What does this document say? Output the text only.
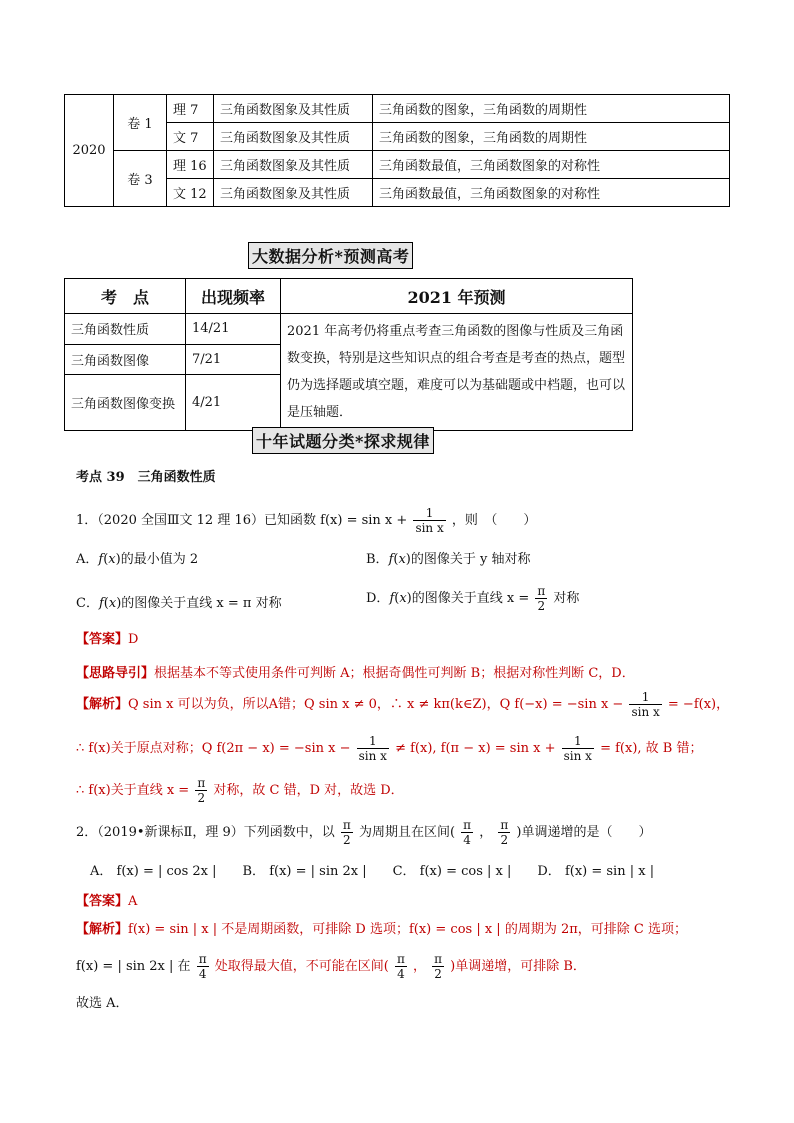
2020	卷 1	理 7	三角函数图象及其性质	三角函数的图象，三角函数的周期性
		文 7	三角函数图象及其性质	三角函数的图象，三角函数的周期性
	卷 3	理 16	三角函数图象及其性质	三角函数最值，三角函数图象的对称性
		文 12	三角函数图象及其性质	三角函数最值，三角函数图象的对称性
大数据分析*预测高考
考　点	出现频率	2021 年预测
三角函数性质	14/21	2021 年高考仍将重点考查三角函数的图像与性质及三角函数变换，特别是这些知识点的组合考查是考查的热点，题型仍为选择题或填空题，难度可以为基础题或中档题，也可以是压轴题．
三角函数图像	7/21	
三角函数图像变换	4/21	
十年试题分类*探求规律
考点 39　三角函数性质
1．（2020 全国Ⅲ文 12 理 16）已知函数 $f(x) = \sin x + \frac{1}{\text{sin x}}$ ，则　（　　）
A．f(x)的最小值为 2	B．f(x)的图像关于 y 轴对称
C．f(x)的图像关于直线 x = π 对称	D．f(x)的图像关于直线 $x = \frac{\pi}{2}$ 对称
【答案】D
【思路导引】根据基本不等式使用条件可判断 A；根据奇偶性可判断 B；根据对称性判断 C，D．
【解析】Q sin x 可以为负，所以A错；Q sin x ≠ 0，∴ x ≠ kπ(k∈Z)，Q f(−x) = −sin $x - \frac{1}{\text{sin x}} = -f(x)$，
∴ f(x)关于原点对称；Q f(2π − x) = −sin $x - \frac{1}{\text{sin x}} \ne f(x)$, $f(\pi - x) = \sin x + \frac{1}{\text{sin x}} = f(x)$, 故 B 错；
∴ f(x)关于直线 $x = \frac{\pi}{2}$ 对称，故 C 错，D 对，故选 D．
2．（2019•新课标Ⅱ，理 9）下列函数中，以 $\frac{\pi}{2}$ 为周期且在区间( $\frac{\pi}{4}$ ， $\frac{\pi}{2}$ )单调递增的是（　　）
A． f(x) = | cos 2x |　　B． f(x) = | sin 2x |　　C． f(x) = cos | x |　　D． f(x) = sin | x |
【答案】A
【解析】f(x) = sin | x | 不是周期函数，可排除 D 选项；f(x) = cos | x | 的周期为 2π，可排除 C 选项；
f(x) = | sin 2x | 在 $\frac{\pi}{4}$ 处取得最大值，不可能在区间( $\frac{\pi}{4}$ ， $\frac{\pi}{2}$ )单调递增，可排除 B．
故选 A．
